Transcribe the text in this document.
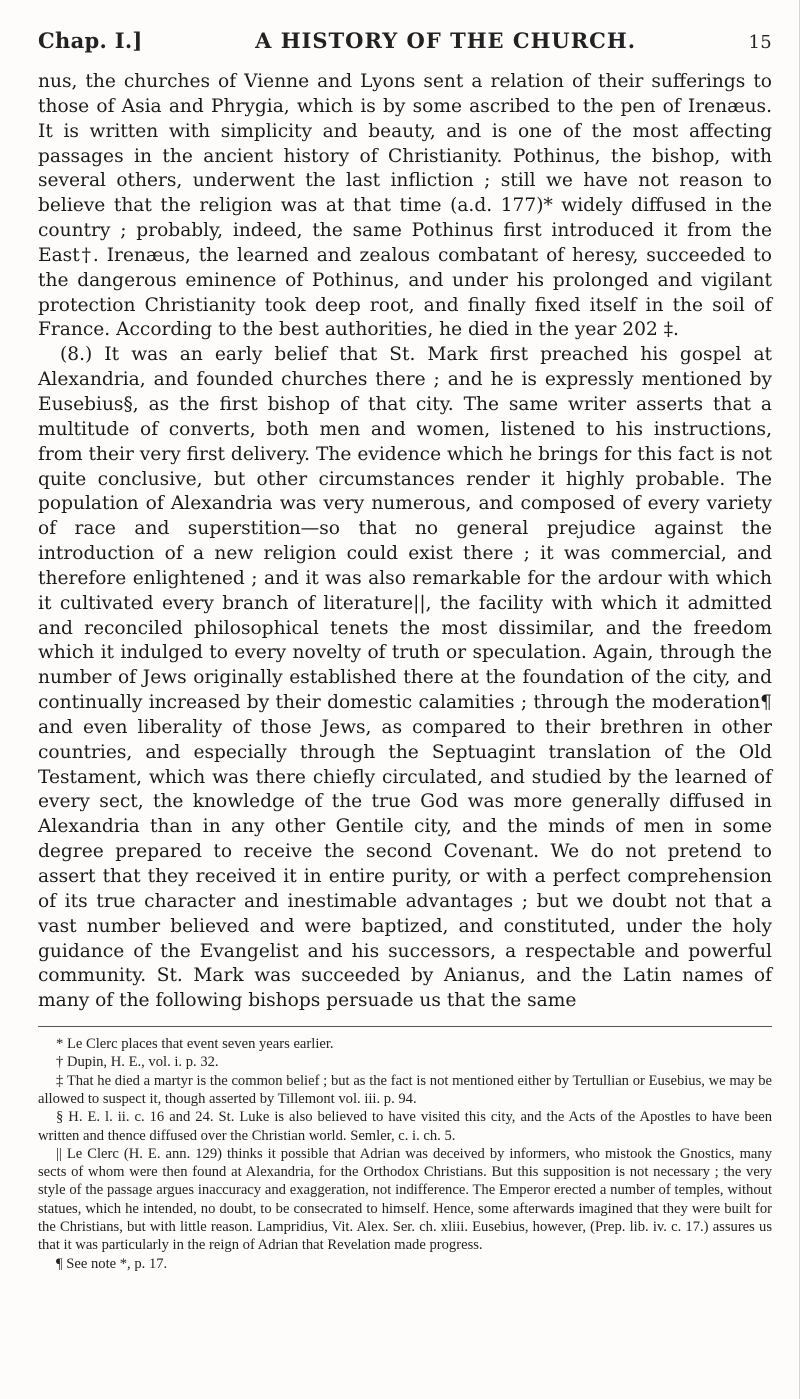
Chap. I.]	A HISTORY OF THE CHURCH.	15

nus, the churches of Vienne and Lyons sent a relation of their sufferings to those of Asia and Phrygia, which is by some ascribed to the pen of Irenæus. It is written with simplicity and beauty, and is one of the most affecting passages in the ancient history of Christianity. Pothinus, the bishop, with several others, underwent the last infliction ; still we have not reason to believe that the religion was at that time (a.d. 177)* widely diffused in the country ; probably, indeed, the same Pothinus first introduced it from the East†. Irenæus, the learned and zealous combatant of heresy, succeeded to the dangerous eminence of Pothinus, and under his prolonged and vigilant protection Christianity took deep root, and finally fixed itself in the soil of France. According to the best authorities, he died in the year 202 ‡.

(8.) It was an early belief that St. Mark first preached his gospel at Alexandria, and founded churches there ; and he is expressly mentioned by Eusebius§, as the first bishop of that city. The same writer asserts that a multitude of converts, both men and women, listened to his instructions, from their very first delivery. The evidence which he brings for this fact is not quite conclusive, but other circumstances render it highly probable. The population of Alexandria was very numerous, and composed of every variety of race and superstition—so that no general prejudice against the introduction of a new religion could exist there ; it was commercial, and therefore enlightened ; and it was also remarkable for the ardour with which it cultivated every branch of literature||, the facility with which it admitted and reconciled philosophical tenets the most dissimilar, and the freedom which it indulged to every novelty of truth or speculation. Again, through the number of Jews originally established there at the foundation of the city, and continually increased by their domestic calamities ; through the moderation¶ and even liberality of those Jews, as compared to their brethren in other countries, and especially through the Septuagint translation of the Old Testament, which was there chiefly circulated, and studied by the learned of every sect, the knowledge of the true God was more generally diffused in Alexandria than in any other Gentile city, and the minds of men in some degree prepared to receive the second Covenant. We do not pretend to assert that they received it in entire purity, or with a perfect comprehension of its true character and inestimable advantages ; but we doubt not that a vast number believed and were baptized, and constituted, under the holy guidance of the Evangelist and his successors, a respectable and powerful community. St. Mark was succeeded by Anianus, and the Latin names of many of the following bishops persuade us that the same

* Le Clerc places that event seven years earlier.

† Dupin, H. E., vol. i. p. 32.

‡ That he died a martyr is the common belief ; but as the fact is not mentioned either by Tertullian or Eusebius, we may be allowed to suspect it, though asserted by Tillemont vol. iii. p. 94.

§ H. E. l. ii. c. 16 and 24. St. Luke is also believed to have visited this city, and the Acts of the Apostles to have been written and thence diffused over the Christian world. Semler, c. i. ch. 5.

|| Le Clerc (H. E. ann. 129) thinks it possible that Adrian was deceived by informers, who mistook the Gnostics, many sects of whom were then found at Alexandria, for the Orthodox Christians. But this supposition is not necessary ; the very style of the passage argues inaccuracy and exaggeration, not indifference. The Emperor erected a number of temples, without statues, which he intended, no doubt, to be consecrated to himself. Hence, some afterwards imagined that they were built for the Christians, but with little reason. Lampridius, Vit. Alex. Ser. ch. xliii. Eusebius, however, (Prep. lib. iv. c. 17.) assures us that it was particularly in the reign of Adrian that Revelation made progress.

¶ See note *, p. 17.
